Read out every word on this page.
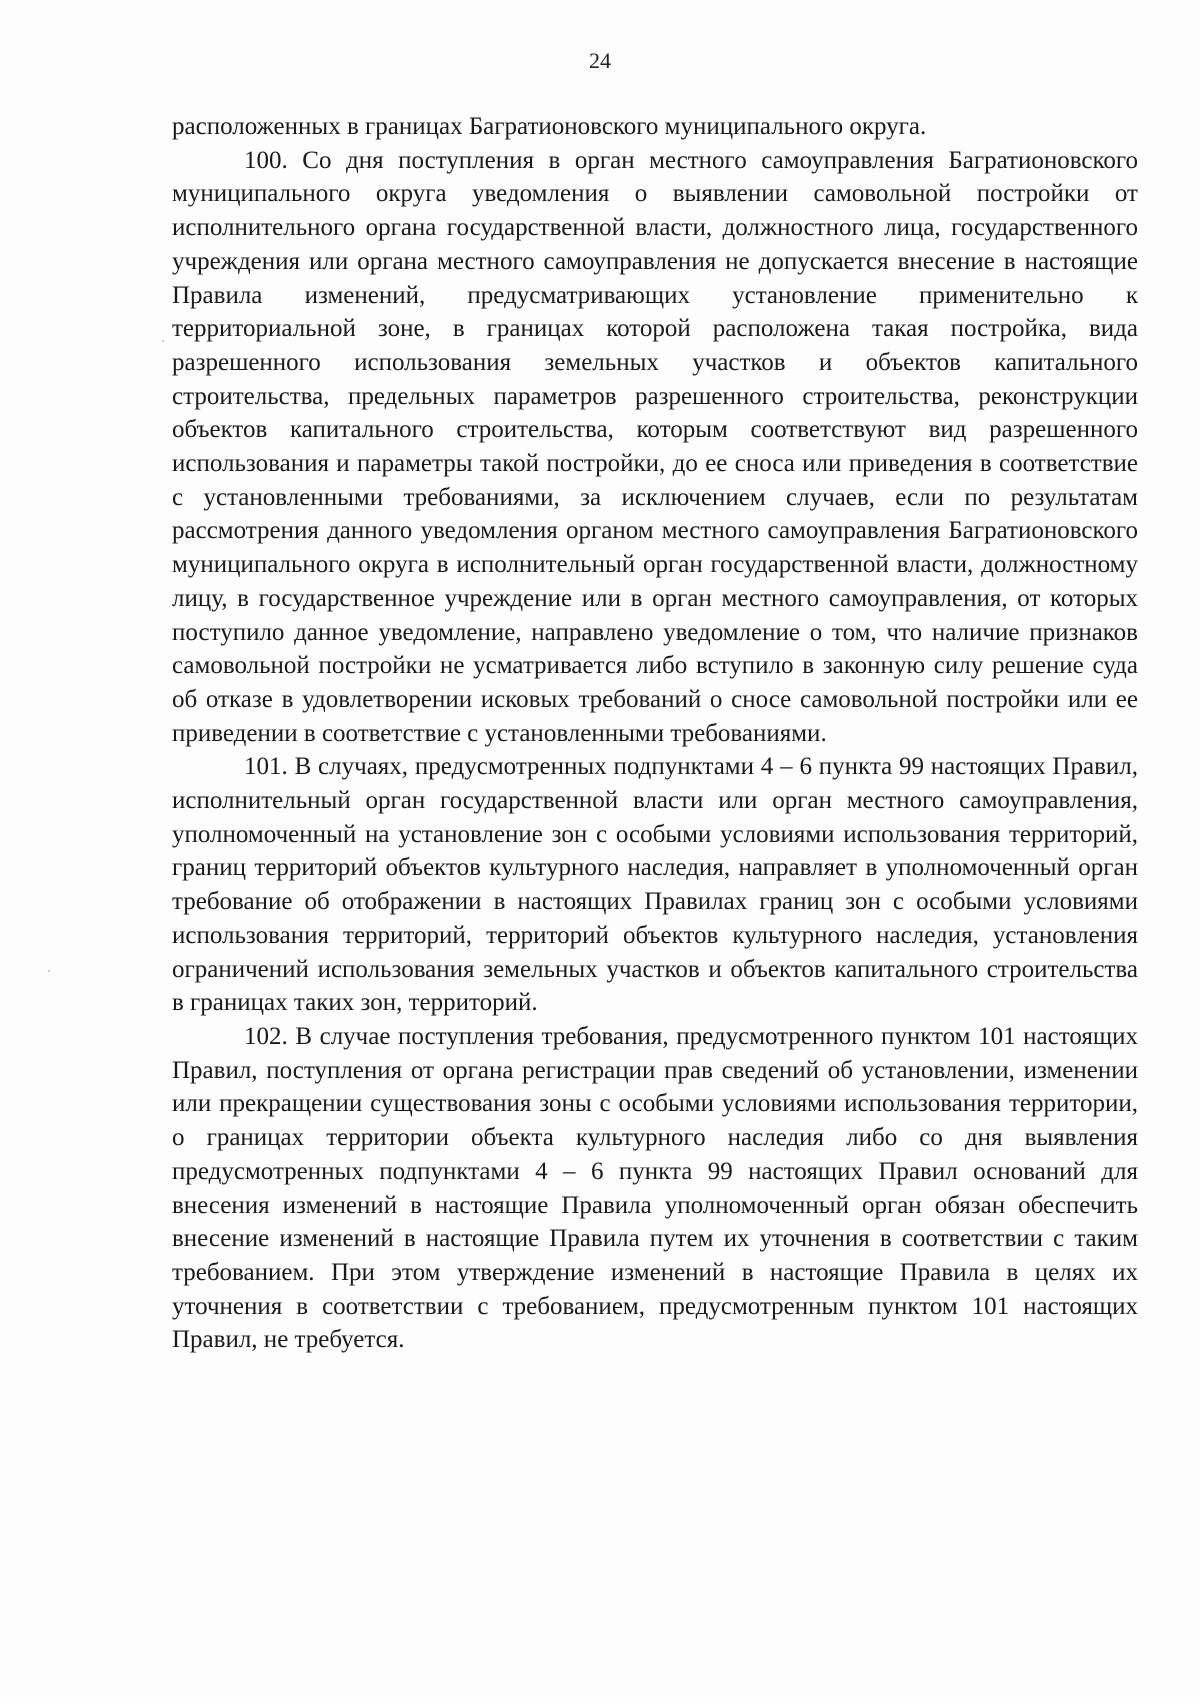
24

расположенных в границах Багратионовского муниципального округа.

100. Со дня поступления в орган местного самоуправления Багратионовского муниципального округа уведомления о выявлении самовольной постройки от исполнительного органа государственной власти, должностного лица, государственного учреждения или органа местного самоуправления не допускается внесение в настоящие Правила изменений, предусматривающих установление применительно к территориальной зоне, в границах которой расположена такая постройка, вида разрешенного использования земельных участков и объектов капитального строительства, предельных параметров разрешенного строительства, реконструкции объектов капитального строительства, которым соответствуют вид разрешенного использования и параметры такой постройки, до ее сноса или приведения в соответствие с установленными требованиями, за исключением случаев, если по результатам рассмотрения данного уведомления органом местного самоуправления Багратионовского муниципального округа в исполнительный орган государственной власти, должностному лицу, в государственное учреждение или в орган местного самоуправления, от которых поступило данное уведомление, направлено уведомление о том, что наличие признаков самовольной постройки не усматривается либо вступило в законную силу решение суда об отказе в удовлетворении исковых требований о сносе самовольной постройки или ее приведении в соответствие с установленными требованиями.

101. В случаях, предусмотренных подпунктами 4 – 6 пункта 99 настоящих Правил, исполнительный орган государственной власти или орган местного самоуправления, уполномоченный на установление зон с особыми условиями использования территорий, границ территорий объектов культурного наследия, направляет в уполномоченный орган требование об отображении в настоящих Правилах границ зон с особыми условиями использования территорий, территорий объектов культурного наследия, установления ограничений использования земельных участков и объектов капитального строительства в границах таких зон, территорий.

102. В случае поступления требования, предусмотренного пунктом 101 настоящих Правил, поступления от органа регистрации прав сведений об установлении, изменении или прекращении существования зоны с особыми условиями использования территории, о границах территории объекта культурного наследия либо со дня выявления предусмотренных подпунктами 4 – 6 пункта 99 настоящих Правил оснований для внесения изменений в настоящие Правила уполномоченный орган обязан обеспечить внесение изменений в настоящие Правила путем их уточнения в соответствии с таким требованием. При этом утверждение изменений в настоящие Правила в целях их уточнения в соответствии с требованием, предусмотренным пунктом 101 настоящих Правил, не требуется.
